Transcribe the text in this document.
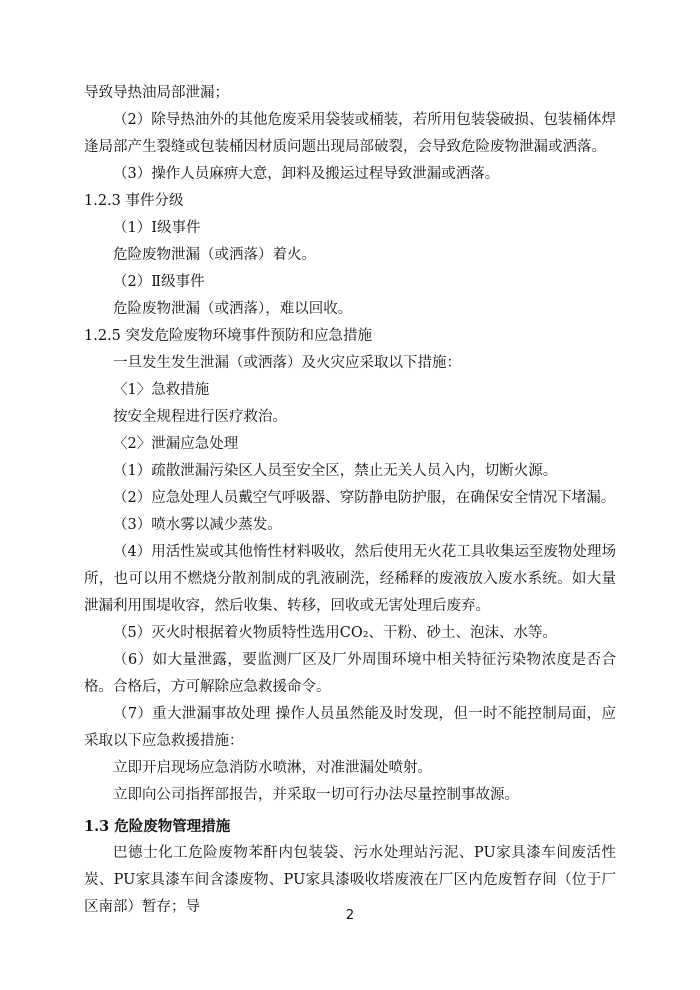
导致导热油局部泄漏；

（2）除导热油外的其他危废采用袋装或桶装，若所用包装袋破损、包装桶体焊逢局部产生裂缝或包装桶因材质问题出现局部破裂，会导致危险废物泄漏或洒落。

（3）操作人员麻痹大意，卸料及搬运过程导致泄漏或洒落。

1.2.3 事件分级

（1）Ⅰ级事件

危险废物泄漏（或洒落）着火。

（2）Ⅱ级事件

危险废物泄漏（或洒落），难以回收。

1.2.5 突发危险废物环境事件预防和应急措施

一旦发生发生泄漏（或洒落）及火灾应采取以下措施：

〈1〉急救措施

按安全规程进行医疗救治。

〈2〉泄漏应急处理

（1）疏散泄漏污染区人员至安全区，禁止无关人员入内，切断火源。

（2）应急处理人员戴空气呼吸器、穿防静电防护服，在确保安全情况下堵漏。

（3）喷水雾以减少蒸发。

（4）用活性炭或其他惰性材料吸收，然后使用无火花工具收集运至废物处理场所，也可以用不燃烧分散剂制成的乳液刷洗，经稀释的废液放入废水系统。如大量泄漏利用围堤收容，然后收集、转移，回收或无害处理后废弃。

（5）灭火时根据着火物质特性选用CO₂、干粉、砂土、泡沫、水等。

（6）如大量泄露，要监测厂区及厂外周围环境中相关特征污染物浓度是否合格。合格后，方可解除应急救援命令。

（7）重大泄漏事故处理 操作人员虽然能及时发现，但一时不能控制局面，应采取以下应急救援措施：

立即开启现场应急消防水喷淋，对准泄漏处喷射。

立即向公司指挥部报告，并采取一切可行办法尽量控制事故源。

1.3 危险废物管理措施

巴德士化工危险废物苯酐内包装袋、污水处理站污泥、PU家具漆车间废活性炭、PU家具漆车间含漆废物、PU家具漆吸收塔废液在厂区内危废暂存间（位于厂区南部）暂存；导

2
